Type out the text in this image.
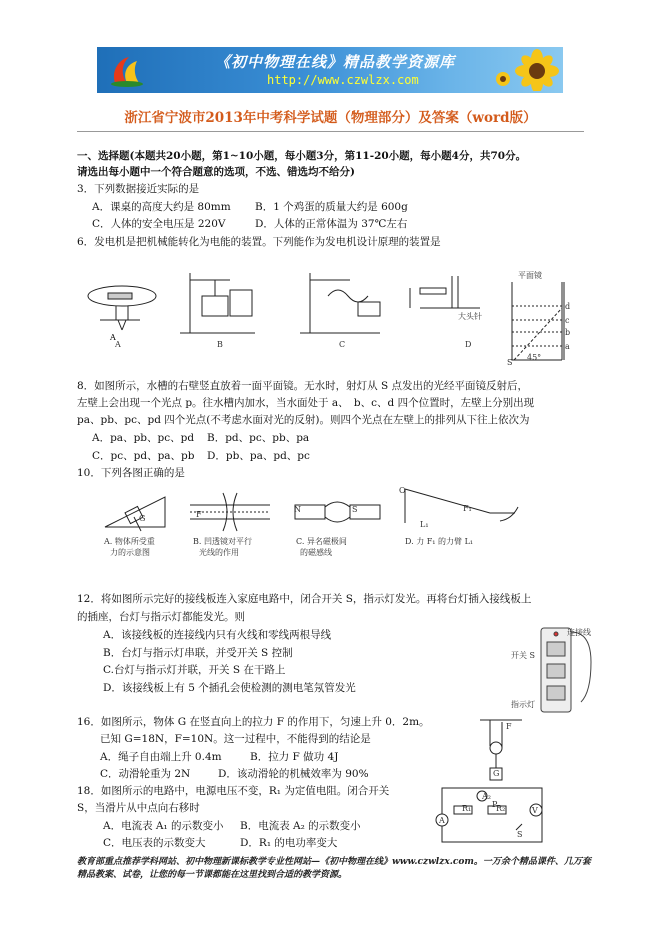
《初中物理在线》精品教学资源库
http://www.czwlzx.com
浙江省宁波市2013年中考科学试题（物理部分）及答案（word版）
一、选择题(本题共20小题，第1~10小题，每小题3分，第11-20小题，每小题4分，共70分。
请选出每小题中一个符合题意的选项，不选、错选均不给分)
3．下列数据接近实际的是
A．课桌的高度大约是 80mm B．1 个鸡蛋的质量大约是 600g
C．人体的安全电压是 220V	D．人体的正常体温为 37℃左右
6．发电机是把机械能转化为电能的装置。下列能作为发电机设计原理的装置是
A
A	B	C	D
大头针
平面镜
d
c
b
a
45°
S
8．如图所示，水槽的右壁竖直放着一面平面镜。无水时，射灯从 S 点发出的光经平面镜反射后，
左壁上会出现一个光点 p。往水槽内加水，当水面处于 a、　b、c、d 四个位置时，左壁上分别出现
pa、pb、pc、pd 四个光点(不考虑水面对光的反射)。则四个光点在左壁上的排列从下往上依次为
A．pa、pb、pc、pd B．pd、pc、pb、pa
C．pc、pd、pa、pb D．pb、pa、pd、pc
10．下列各图正确的是
G	F
N	S
O
F₁
L₁
A. 物体所受重
力的示意图
B. 凹透镜对平行
光线的作用
C. 异名磁极间
的磁感线
D. 力 F₁ 的力臂 L₁
12．将如图所示完好的接线板连入家庭电路中，闭合开关 S，指示灯发光。再将台灯插入接线板上
的插座，台灯与指示灯都能发光。则
A．该接线板的连接线内只有火线和零线两根导线
B．台灯与指示灯串联，并受开关 S 控制
C.台灯与指示灯并联，开关 S 在干路上
D．该接线板上有 5 个插孔会使检测的测电笔氖管发光
连接线
开关 S
指示灯
16．如图所示，物体 G 在竖直向上的拉力 F 的作用下，匀速上升 0．2m。
已知 G=18N，F=10N。这一过程中，不能得到的结论是
A．绳子自由端上升 0.4m	B．拉力 F 做功 4J
C．动滑轮重为 2N	D．该动滑轮的机械效率为 90%
F
G
18．如图所示的电路中，电源电压不变，R₁ 为定值电阻。闭合开关
S，当滑片从中点向右移时
A．电流表 A₁ 的示数变小 B．电流表 A₂ 的示数变小
C．电压表的示数变大	D．R₁ 的电功率变大
A₂
R₁	R₂
P
A
V
S
教育部重点推荐学科网站、初中物理新课标教学专业性网站—《初中物理在线》www.czwlzx.com。一万余个精品课件、几万套精品教案、试卷，让您的每一节课都能在这里找到合适的教学资源。
